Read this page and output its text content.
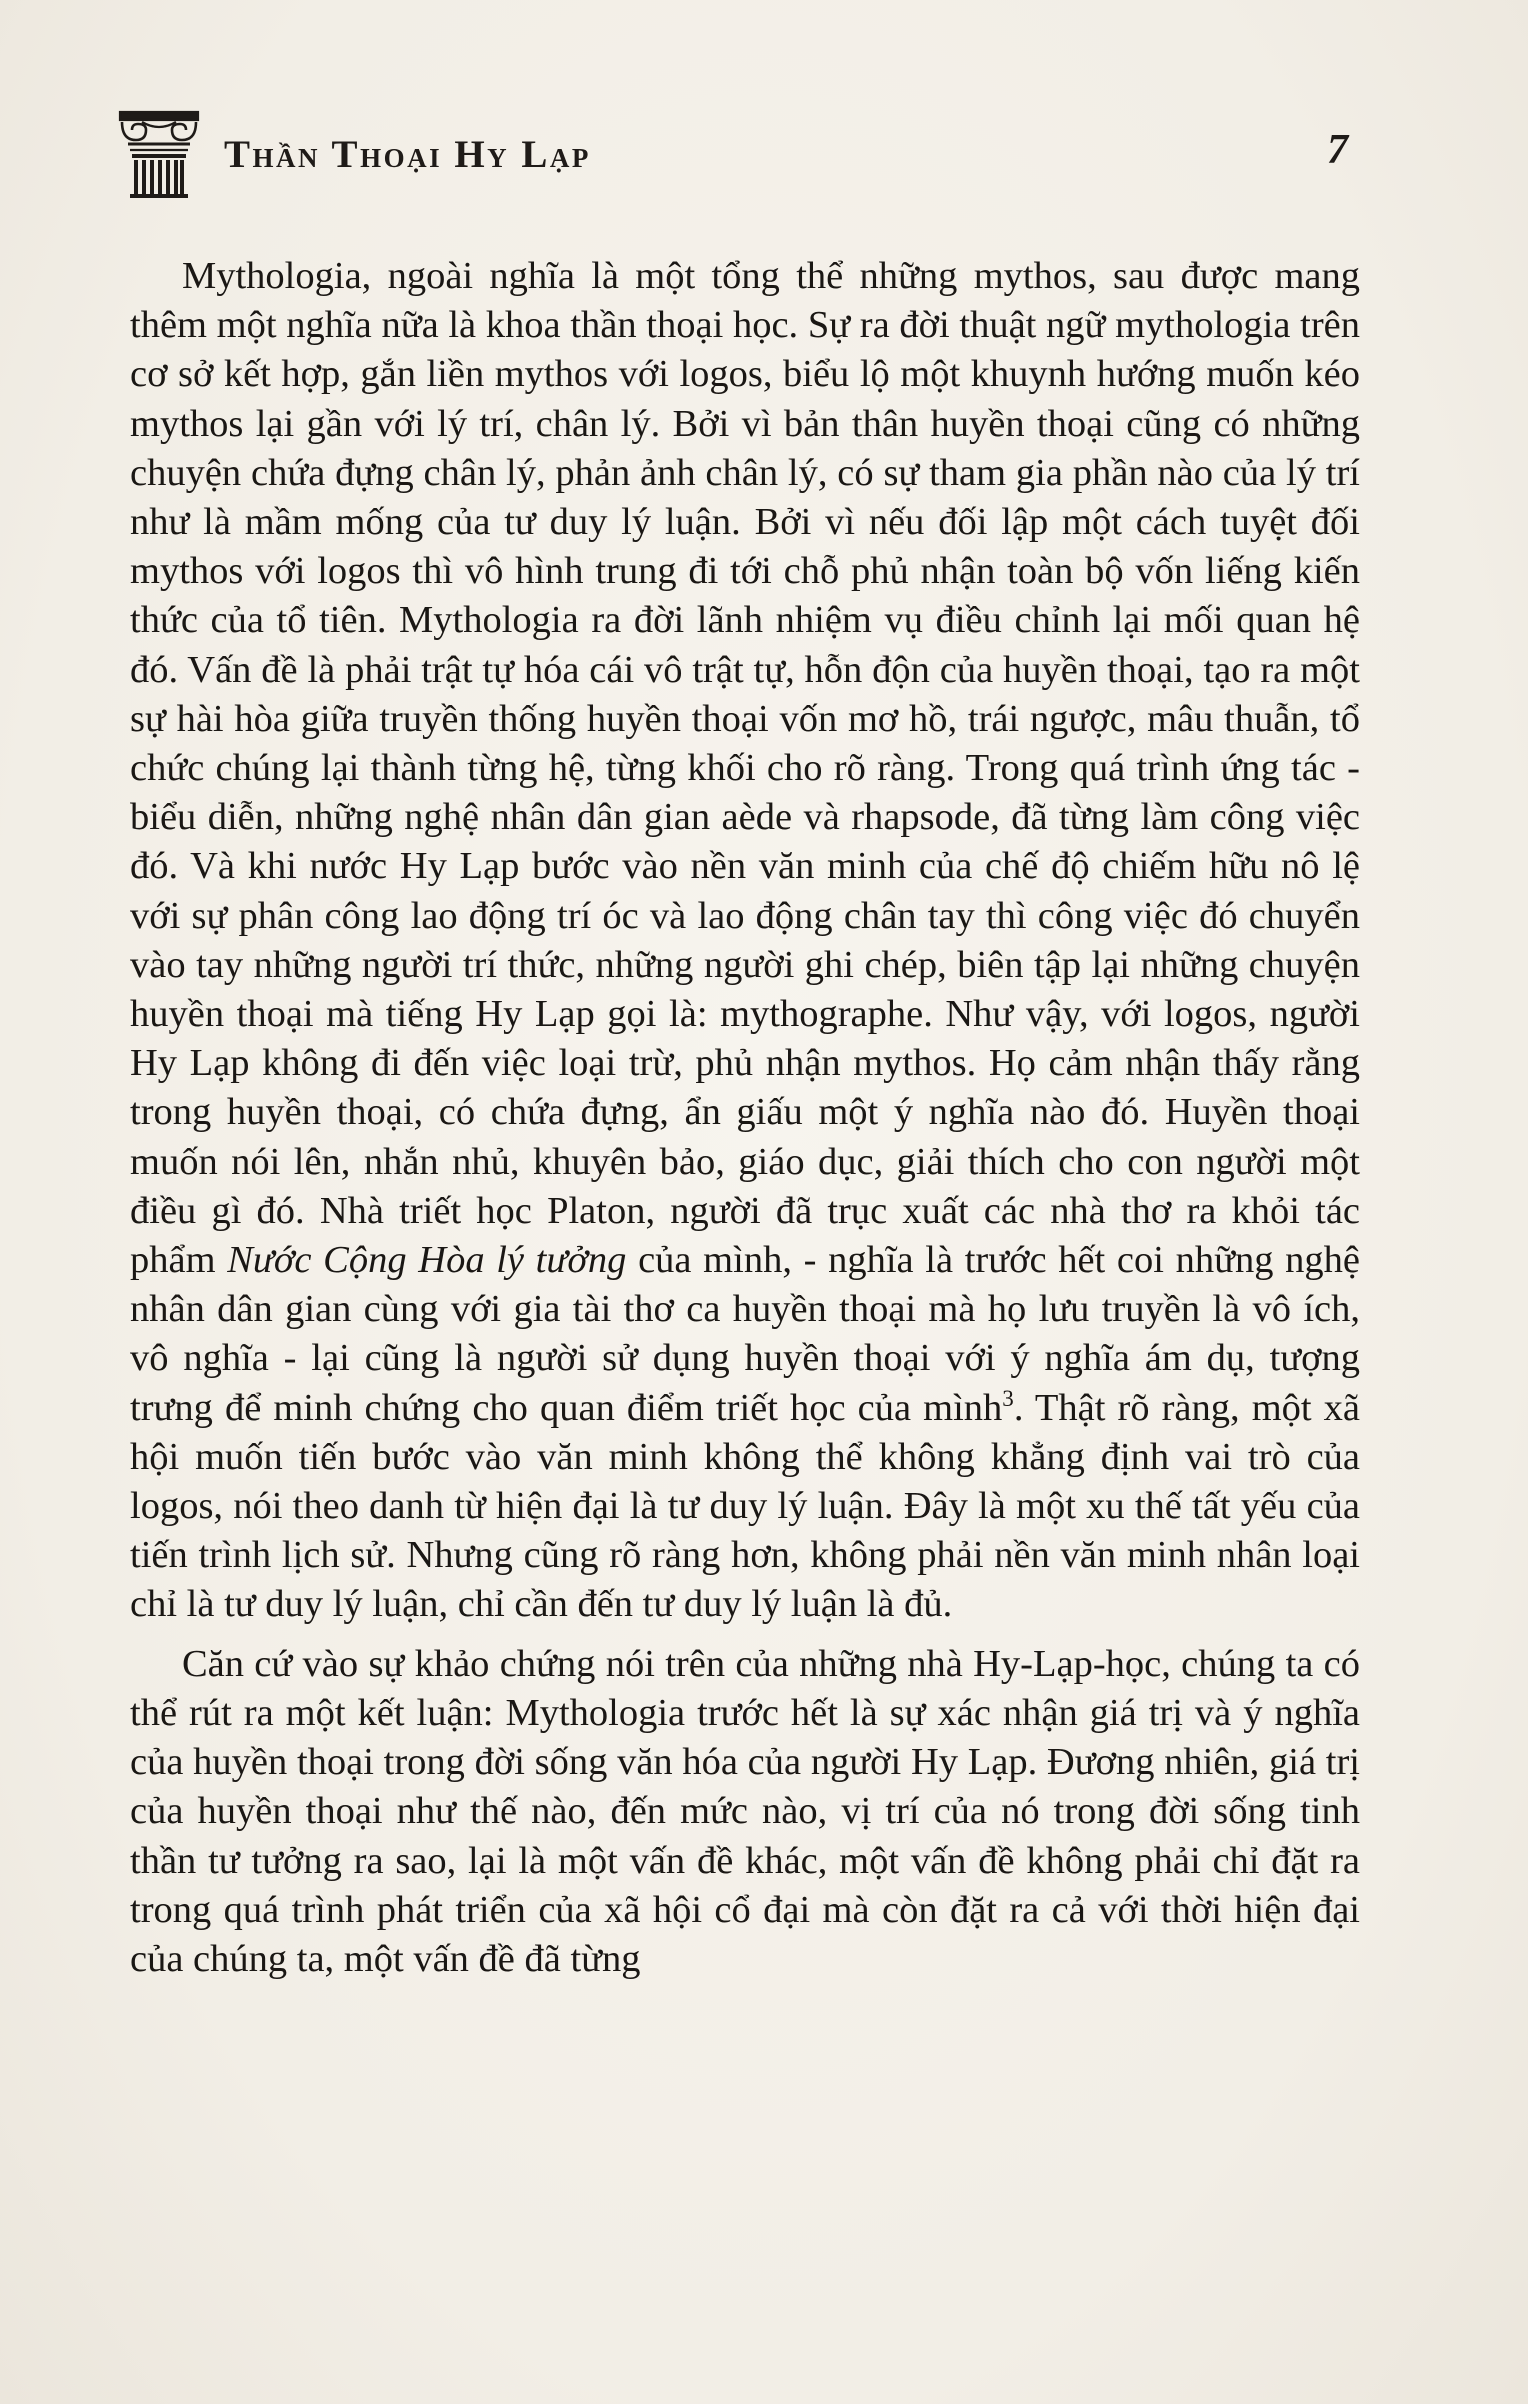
Thần Thoại Hy Lạp	7

Mythologia, ngoài nghĩa là một tổng thể những mythos, sau được mang thêm một nghĩa nữa là khoa thần thoại học. Sự ra đời thuật ngữ mythologia trên cơ sở kết hợp, gắn liền mythos với logos, biểu lộ một khuynh hướng muốn kéo mythos lại gần với lý trí, chân lý. Bởi vì bản thân huyền thoại cũng có những chuyện chứa đựng chân lý, phản ảnh chân lý, có sự tham gia phần nào của lý trí như là mầm mống của tư duy lý luận. Bởi vì nếu đối lập một cách tuyệt đối mythos với logos thì vô hình trung đi tới chỗ phủ nhận toàn bộ vốn liếng kiến thức của tổ tiên. Mythologia ra đời lãnh nhiệm vụ điều chỉnh lại mối quan hệ đó. Vấn đề là phải trật tự hóa cái vô trật tự, hỗn độn của huyền thoại, tạo ra một sự hài hòa giữa truyền thống huyền thoại vốn mơ hồ, trái ngược, mâu thuẫn, tổ chức chúng lại thành từng hệ, từng khối cho rõ ràng. Trong quá trình ứng tác - biểu diễn, những nghệ nhân dân gian aède và rhapsode, đã từng làm công việc đó. Và khi nước Hy Lạp bước vào nền văn minh của chế độ chiếm hữu nô lệ với sự phân công lao động trí óc và lao động chân tay thì công việc đó chuyển vào tay những người trí thức, những người ghi chép, biên tập lại những chuyện huyền thoại mà tiếng Hy Lạp gọi là: mythographe. Như vậy, với logos, người Hy Lạp không đi đến việc loại trừ, phủ nhận mythos. Họ cảm nhận thấy rằng trong huyền thoại, có chứa đựng, ẩn giấu một ý nghĩa nào đó. Huyền thoại muốn nói lên, nhắn nhủ, khuyên bảo, giáo dục, giải thích cho con người một điều gì đó. Nhà triết học Platon, người đã trục xuất các nhà thơ ra khỏi tác phẩm Nước Cộng Hòa lý tưởng của mình, - nghĩa là trước hết coi những nghệ nhân dân gian cùng với gia tài thơ ca huyền thoại mà họ lưu truyền là vô ích, vô nghĩa - lại cũng là người sử dụng huyền thoại với ý nghĩa ám dụ, tượng trưng để minh chứng cho quan điểm triết học của mình$^3$. Thật rõ ràng, một xã hội muốn tiến bước vào văn minh không thể không khẳng định vai trò của logos, nói theo danh từ hiện đại là tư duy lý luận. Đây là một xu thế tất yếu của tiến trình lịch sử. Nhưng cũng rõ ràng hơn, không phải nền văn minh nhân loại chỉ là tư duy lý luận, chỉ cần đến tư duy lý luận là đủ.

Căn cứ vào sự khảo chứng nói trên của những nhà Hy-Lạp-học, chúng ta có thể rút ra một kết luận: Mythologia trước hết là sự xác nhận giá trị và ý nghĩa của huyền thoại trong đời sống văn hóa của người Hy Lạp. Đương nhiên, giá trị của huyền thoại như thế nào, đến mức nào, vị trí của nó trong đời sống tinh thần tư tưởng ra sao, lại là một vấn đề khác, một vấn đề không phải chỉ đặt ra trong quá trình phát triển của xã hội cổ đại mà còn đặt ra cả với thời hiện đại của chúng ta, một vấn đề đã từng
